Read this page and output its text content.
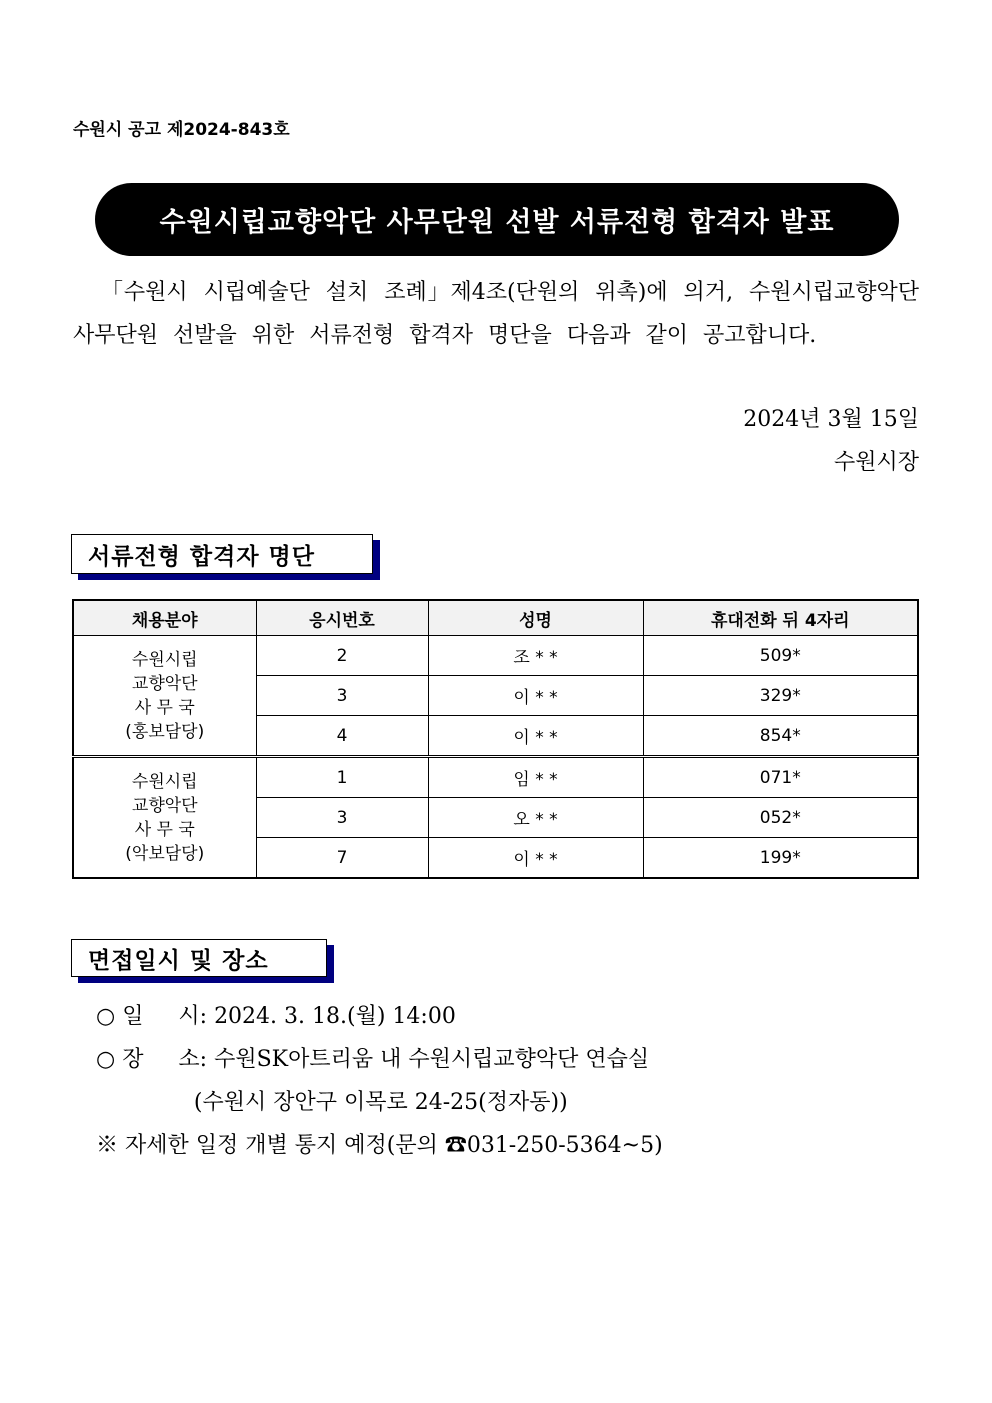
수원시 공고 제2024-843호
수원시립교향악단 사무단원 선발 서류전형 합격자 발표
「수원시 시립예술단 설치 조례」제4조(단원의 위촉)에 의거, 수원시립교향악단 사무단원 선발을 위한 서류전형 합격자 명단을 다음과 같이 공고합니다.
2024년 3월 15일
수원시장
서류전형 합격자 명단
채용분야	응시번호	성명	휴대전화 뒤 4자리

수원시립
교향악단
사 무 국
(홍보담당)	2	조 * *	509*
	3	이 * *	329*
	4	이 * *	854*

수원시립
교향악단
사 무 국
(악보담당)	1	임 * *	071*
	3	오 * *	052*
	7	이 * *	199*
면접일시 및 장소
○ 일     시: 2024. 3. 18.(월) 14:00
○ 장     소: 수원SK아트리움 내 수원시립교향악단 연습실
(수원시 장안구 이목로 24-25(정자동))
※ 자세한 일정 개별 통지 예정(문의 ☎031-250-5364~5)
